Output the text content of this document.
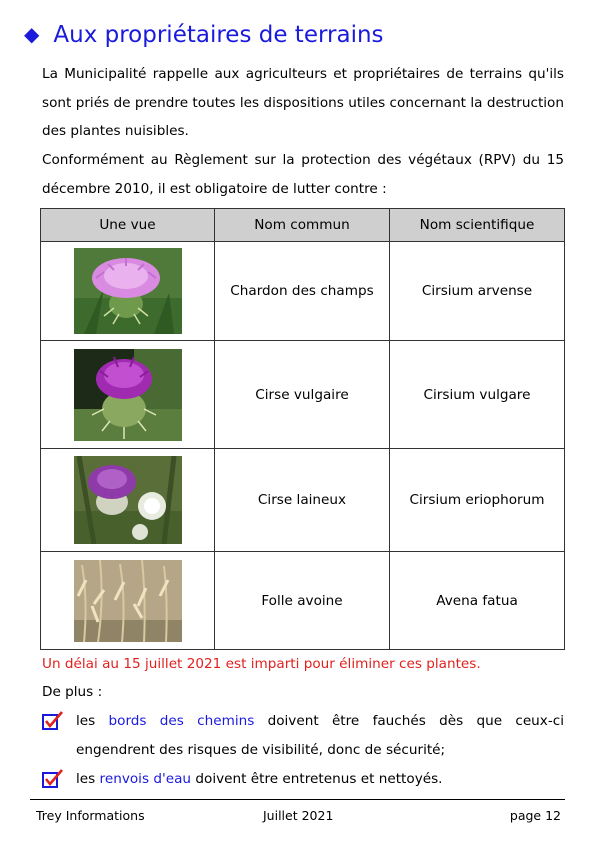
◆ Aux propriétaires de terrains
La Municipalité rappelle aux agriculteurs et propriétaires de terrains qu'ils sont priés de prendre toutes les dispositions utiles concernant la destruction des plantes nuisibles.
Conformément au Règlement sur la protection des végétaux (RPV) du 15 décembre 2010, il est obligatoire de lutter contre :
Une vue	Nom commun	Nom scientifique

	Chardon des champs	Cirsium arvense

	Cirse vulgaire	Cirsium vulgare

	Cirse laineux	Cirsium eriophorum

	Folle avoine	Avena fatua
Un délai au 15 juillet 2021 est imparti pour éliminer ces plantes.
De plus :
les bords des chemins doivent être fauchés dès que ceux-ci engendrent des risques de visibilité, donc de sécurité;
les renvois d'eau doivent être entretenus et nettoyés.
Trey Informations	Juillet 2021	page 12
